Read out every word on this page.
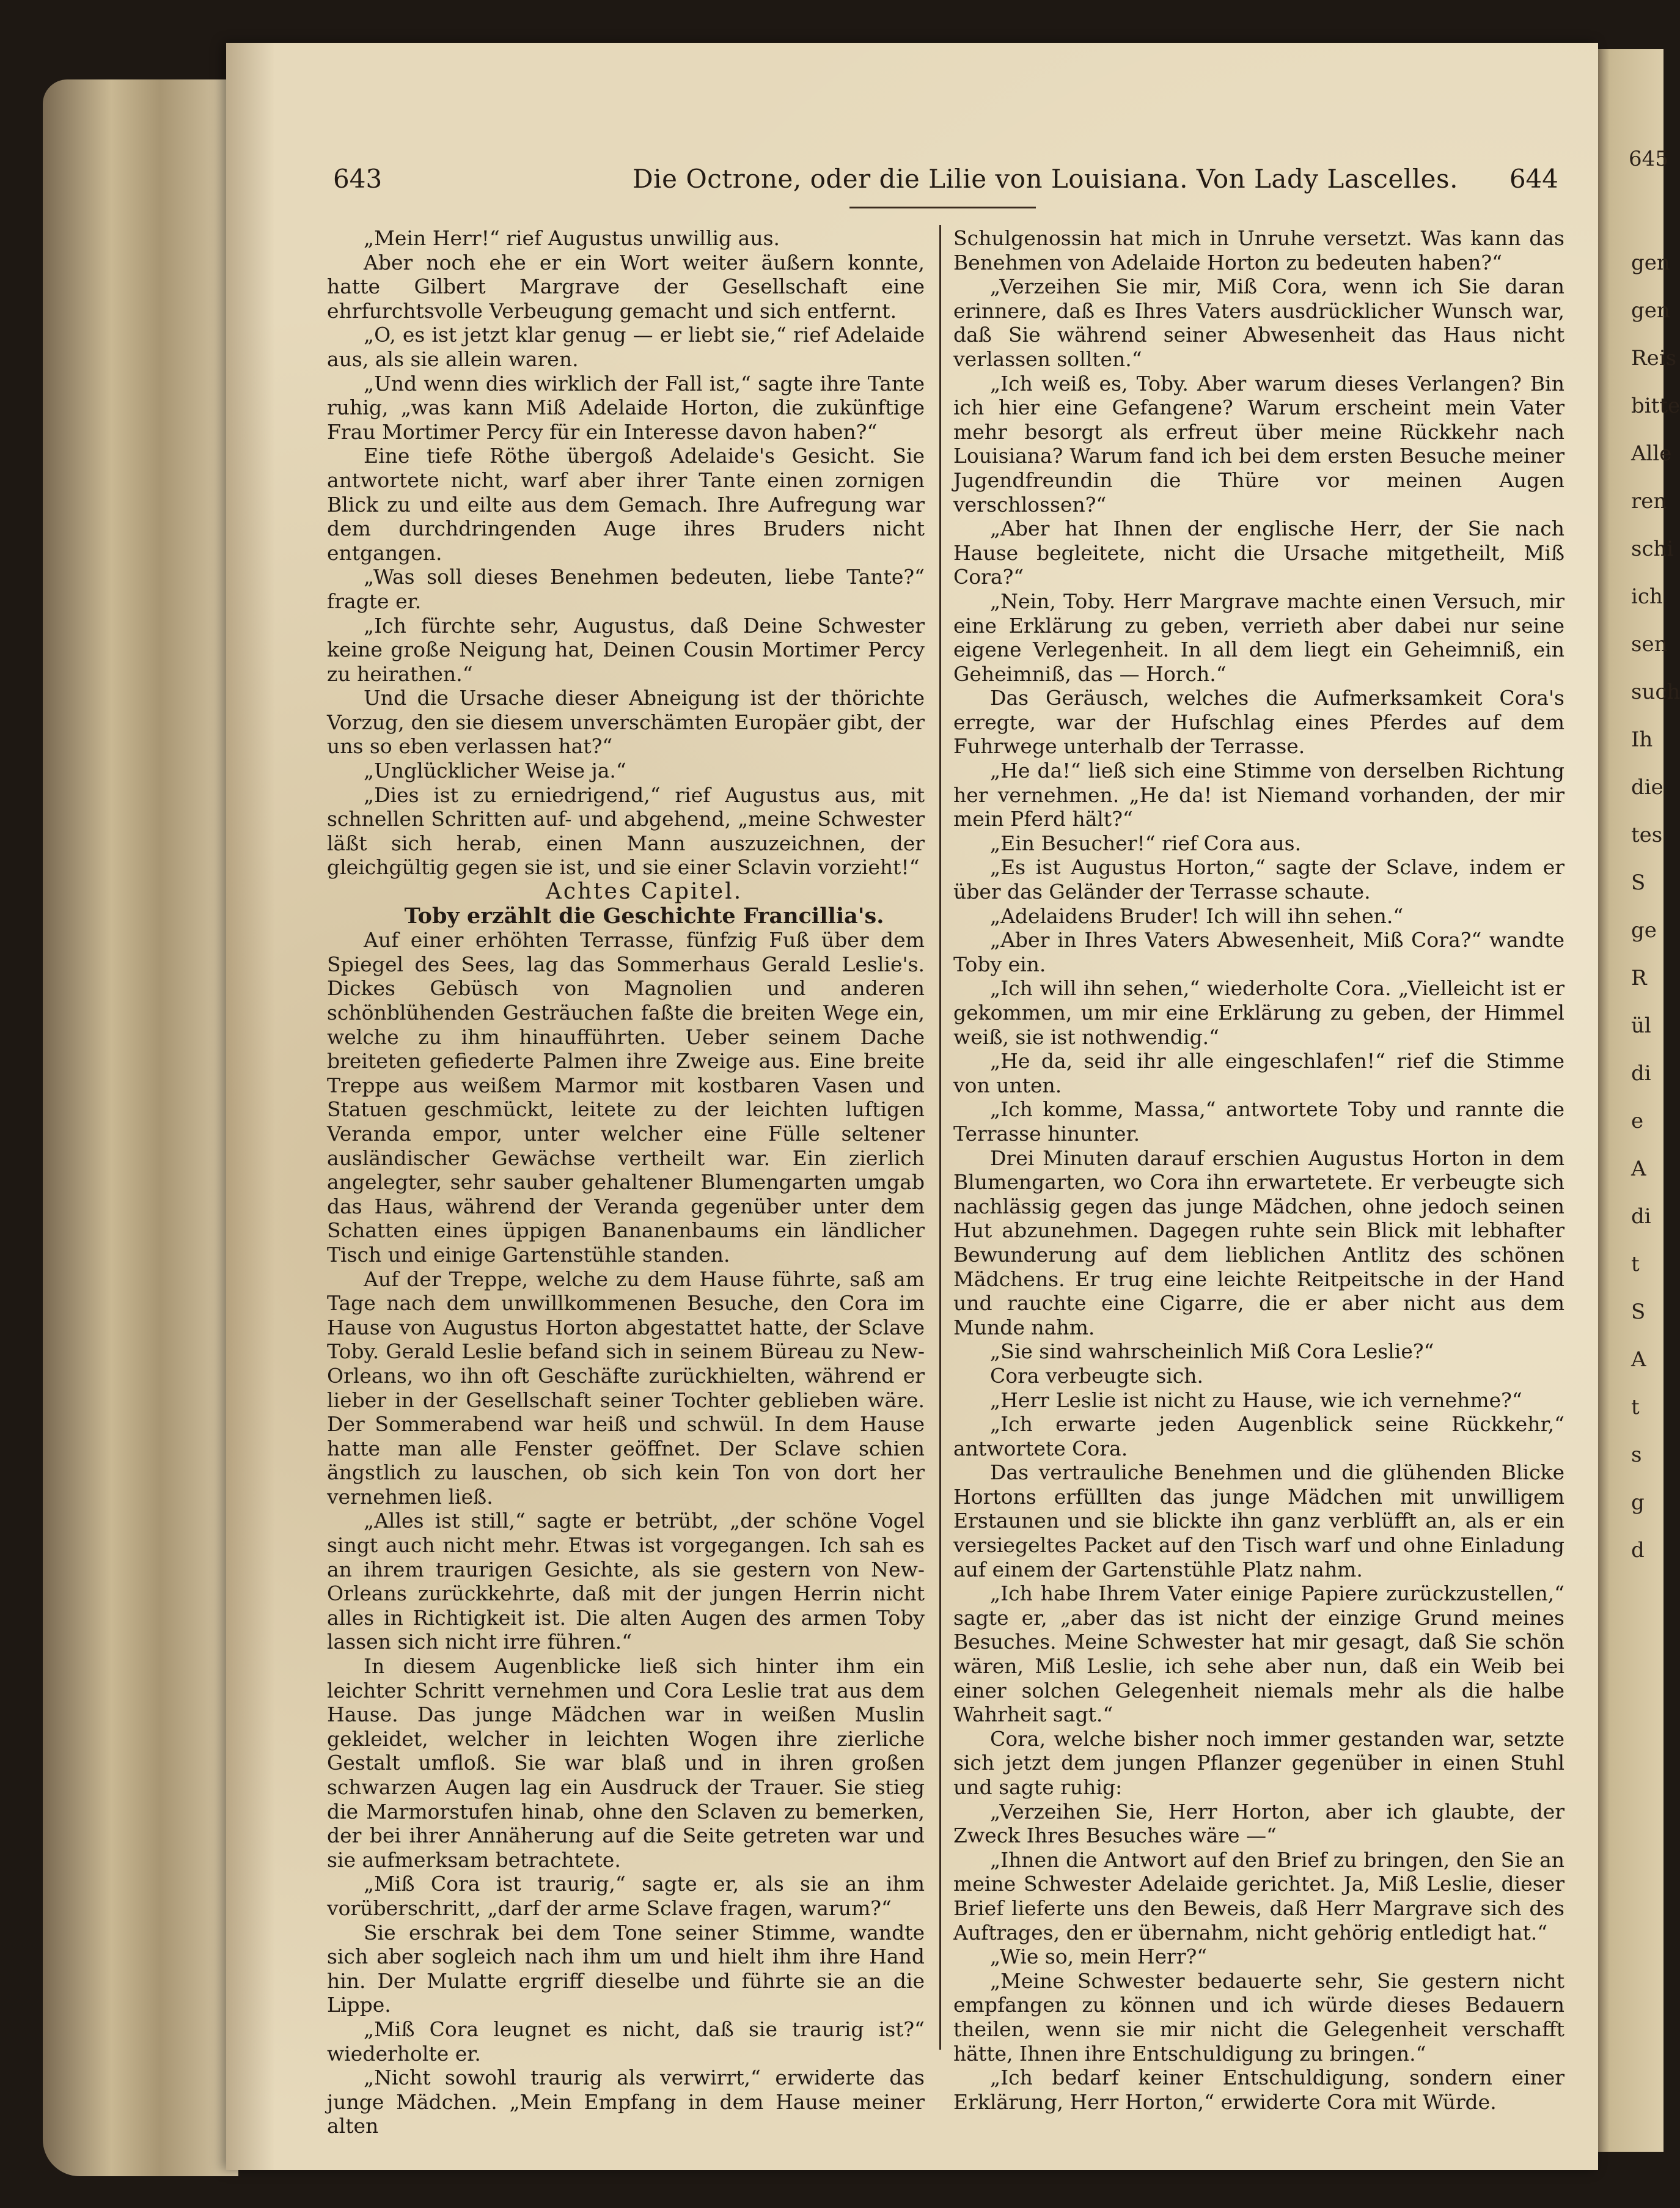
645
gen
gen
Reis
bitte
Alle
ren
schi
ich
sen
such
Ih
die
tes
S
ge
R
ül
di
e
A
di
t
S
A
t
s
g
d
643	Die Octrone, oder die Lilie von Louisiana. Von Lady Lascelles. 644

„Mein Herr!“ rief Augustus unwillig aus.

Aber noch ehe er ein Wort weiter äußern konnte, hatte Gilbert Margrave der Gesellschaft eine ehrfurchtsvolle Verbeugung gemacht und sich entfernt.

„O, es ist jetzt klar genug — er liebt sie,“ rief Adelaide aus, als sie allein waren.

„Und wenn dies wirklich der Fall ist,“ sagte ihre Tante ruhig, „was kann Miß Adelaide Horton, die zukünftige Frau Mortimer Percy für ein Interesse davon haben?“

Eine tiefe Röthe übergoß Adelaide's Gesicht. Sie antwortete nicht, warf aber ihrer Tante einen zornigen Blick zu und eilte aus dem Gemach. Ihre Aufregung war dem durchdringenden Auge ihres Bruders nicht entgangen.

„Was soll dieses Benehmen bedeuten, liebe Tante?“ fragte er.

„Ich fürchte sehr, Augustus, daß Deine Schwester keine große Neigung hat, Deinen Cousin Mortimer Percy zu heirathen.“

Und die Ursache dieser Abneigung ist der thörichte Vorzug, den sie diesem unverschämten Europäer gibt, der uns so eben verlassen hat?“

„Unglücklicher Weise ja.“

„Dies ist zu erniedrigend,“ rief Augustus aus, mit schnellen Schritten auf- und abgehend, „meine Schwester läßt sich herab, einen Mann auszuzeichnen, der gleichgültig gegen sie ist, und sie einer Sclavin vorzieht!“

Achtes Capitel.

Toby erzählt die Geschichte Francillia's.

Auf einer erhöhten Terrasse, fünfzig Fuß über dem Spiegel des Sees, lag das Sommerhaus Gerald Leslie's. Dickes Gebüsch von Magnolien und anderen schönblühenden Gesträuchen faßte die breiten Wege ein, welche zu ihm hinaufführten. Ueber seinem Dache breiteten gefiederte Palmen ihre Zweige aus. Eine breite Treppe aus weißem Marmor mit kostbaren Vasen und Statuen geschmückt, leitete zu der leichten luftigen Veranda empor, unter welcher eine Fülle seltener ausländischer Gewächse vertheilt war. Ein zierlich angelegter, sehr sauber gehaltener Blumengarten umgab das Haus, während der Veranda gegenüber unter dem Schatten eines üppigen Bananenbaums ein ländlicher Tisch und einige Gartenstühle standen.

Auf der Treppe, welche zu dem Hause führte, saß am Tage nach dem unwillkommenen Besuche, den Cora im Hause von Augustus Horton abgestattet hatte, der Sclave Toby. Gerald Leslie befand sich in seinem Büreau zu New-Orleans, wo ihn oft Geschäfte zurückhielten, während er lieber in der Gesellschaft seiner Tochter geblieben wäre. Der Sommerabend war heiß und schwül. In dem Hause hatte man alle Fenster geöffnet. Der Sclave schien ängstlich zu lauschen, ob sich kein Ton von dort her vernehmen ließ.

„Alles ist still,“ sagte er betrübt, „der schöne Vogel singt auch nicht mehr. Etwas ist vorgegangen. Ich sah es an ihrem traurigen Gesichte, als sie gestern von New-Orleans zurückkehrte, daß mit der jungen Herrin nicht alles in Richtigkeit ist. Die alten Augen des armen Toby lassen sich nicht irre führen.“

In diesem Augenblicke ließ sich hinter ihm ein leichter Schritt vernehmen und Cora Leslie trat aus dem Hause. Das junge Mädchen war in weißen Muslin gekleidet, welcher in leichten Wogen ihre zierliche Gestalt umfloß. Sie war blaß und in ihren großen schwarzen Augen lag ein Ausdruck der Trauer. Sie stieg die Marmorstufen hinab, ohne den Sclaven zu bemerken, der bei ihrer Annäherung auf die Seite getreten war und sie aufmerksam betrachtete.

„Miß Cora ist traurig,“ sagte er, als sie an ihm vorüberschritt, „darf der arme Sclave fragen, warum?“

Sie erschrak bei dem Tone seiner Stimme, wandte sich aber sogleich nach ihm um und hielt ihm ihre Hand hin. Der Mulatte ergriff dieselbe und führte sie an die Lippe.

„Miß Cora leugnet es nicht, daß sie traurig ist?“ wiederholte er.

„Nicht sowohl traurig als verwirrt,“ erwiderte das junge Mädchen. „Mein Empfang in dem Hause meiner alten

Schulgenossin hat mich in Unruhe versetzt. Was kann das Benehmen von Adelaide Horton zu bedeuten haben?“

„Verzeihen Sie mir, Miß Cora, wenn ich Sie daran erinnere, daß es Ihres Vaters ausdrücklicher Wunsch war, daß Sie während seiner Abwesenheit das Haus nicht verlassen sollten.“

„Ich weiß es, Toby. Aber warum dieses Verlangen? Bin ich hier eine Gefangene? Warum erscheint mein Vater mehr besorgt als erfreut über meine Rückkehr nach Louisiana? Warum fand ich bei dem ersten Besuche meiner Jugendfreundin die Thüre vor meinen Augen verschlossen?“

„Aber hat Ihnen der englische Herr, der Sie nach Hause begleitete, nicht die Ursache mitgetheilt, Miß Cora?“

„Nein, Toby. Herr Margrave machte einen Versuch, mir eine Erklärung zu geben, verrieth aber dabei nur seine eigene Verlegenheit. In all dem liegt ein Geheimniß, ein Geheimniß, das — Horch.“

Das Geräusch, welches die Aufmerksamkeit Cora's erregte, war der Hufschlag eines Pferdes auf dem Fuhrwege unterhalb der Terrasse.

„He da!“ ließ sich eine Stimme von derselben Richtung her vernehmen. „He da! ist Niemand vorhanden, der mir mein Pferd hält?“

„Ein Besucher!“ rief Cora aus.

„Es ist Augustus Horton,“ sagte der Sclave, indem er über das Geländer der Terrasse schaute.

„Adelaidens Bruder! Ich will ihn sehen.“

„Aber in Ihres Vaters Abwesenheit, Miß Cora?“ wandte Toby ein.

„Ich will ihn sehen,“ wiederholte Cora. „Vielleicht ist er gekommen, um mir eine Erklärung zu geben, der Himmel weiß, sie ist nothwendig.“

„He da, seid ihr alle eingeschlafen!“ rief die Stimme von unten.

„Ich komme, Massa,“ antwortete Toby und rannte die Terrasse hinunter.

Drei Minuten darauf erschien Augustus Horton in dem Blumengarten, wo Cora ihn erwartetete. Er verbeugte sich nachlässig gegen das junge Mädchen, ohne jedoch seinen Hut abzunehmen. Dagegen ruhte sein Blick mit lebhafter Bewunderung auf dem lieblichen Antlitz des schönen Mädchens. Er trug eine leichte Reitpeitsche in der Hand und rauchte eine Cigarre, die er aber nicht aus dem Munde nahm.

„Sie sind wahrscheinlich Miß Cora Leslie?“

Cora verbeugte sich.

„Herr Leslie ist nicht zu Hause, wie ich vernehme?“

„Ich erwarte jeden Augenblick seine Rückkehr,“ antwortete Cora.

Das vertrauliche Benehmen und die glühenden Blicke Hortons erfüllten das junge Mädchen mit unwilligem Erstaunen und sie blickte ihn ganz verblüfft an, als er ein versiegeltes Packet auf den Tisch warf und ohne Einladung auf einem der Gartenstühle Platz nahm.

„Ich habe Ihrem Vater einige Papiere zurückzustellen,“ sagte er, „aber das ist nicht der einzige Grund meines Besuches. Meine Schwester hat mir gesagt, daß Sie schön wären, Miß Leslie, ich sehe aber nun, daß ein Weib bei einer solchen Gelegenheit niemals mehr als die halbe Wahrheit sagt.“

Cora, welche bisher noch immer gestanden war, setzte sich jetzt dem jungen Pflanzer gegenüber in einen Stuhl und sagte ruhig:

„Verzeihen Sie, Herr Horton, aber ich glaubte, der Zweck Ihres Besuches wäre —“

„Ihnen die Antwort auf den Brief zu bringen, den Sie an meine Schwester Adelaide gerichtet. Ja, Miß Leslie, dieser Brief lieferte uns den Beweis, daß Herr Margrave sich des Auftrages, den er übernahm, nicht gehörig entledigt hat.“

„Wie so, mein Herr?“

„Meine Schwester bedauerte sehr, Sie gestern nicht empfangen zu können und ich würde dieses Bedauern theilen, wenn sie mir nicht die Gelegenheit verschafft hätte, Ihnen ihre Entschuldigung zu bringen.“

„Ich bedarf keiner Entschuldigung, sondern einer Erklärung, Herr Horton,“ erwiderte Cora mit Würde.
